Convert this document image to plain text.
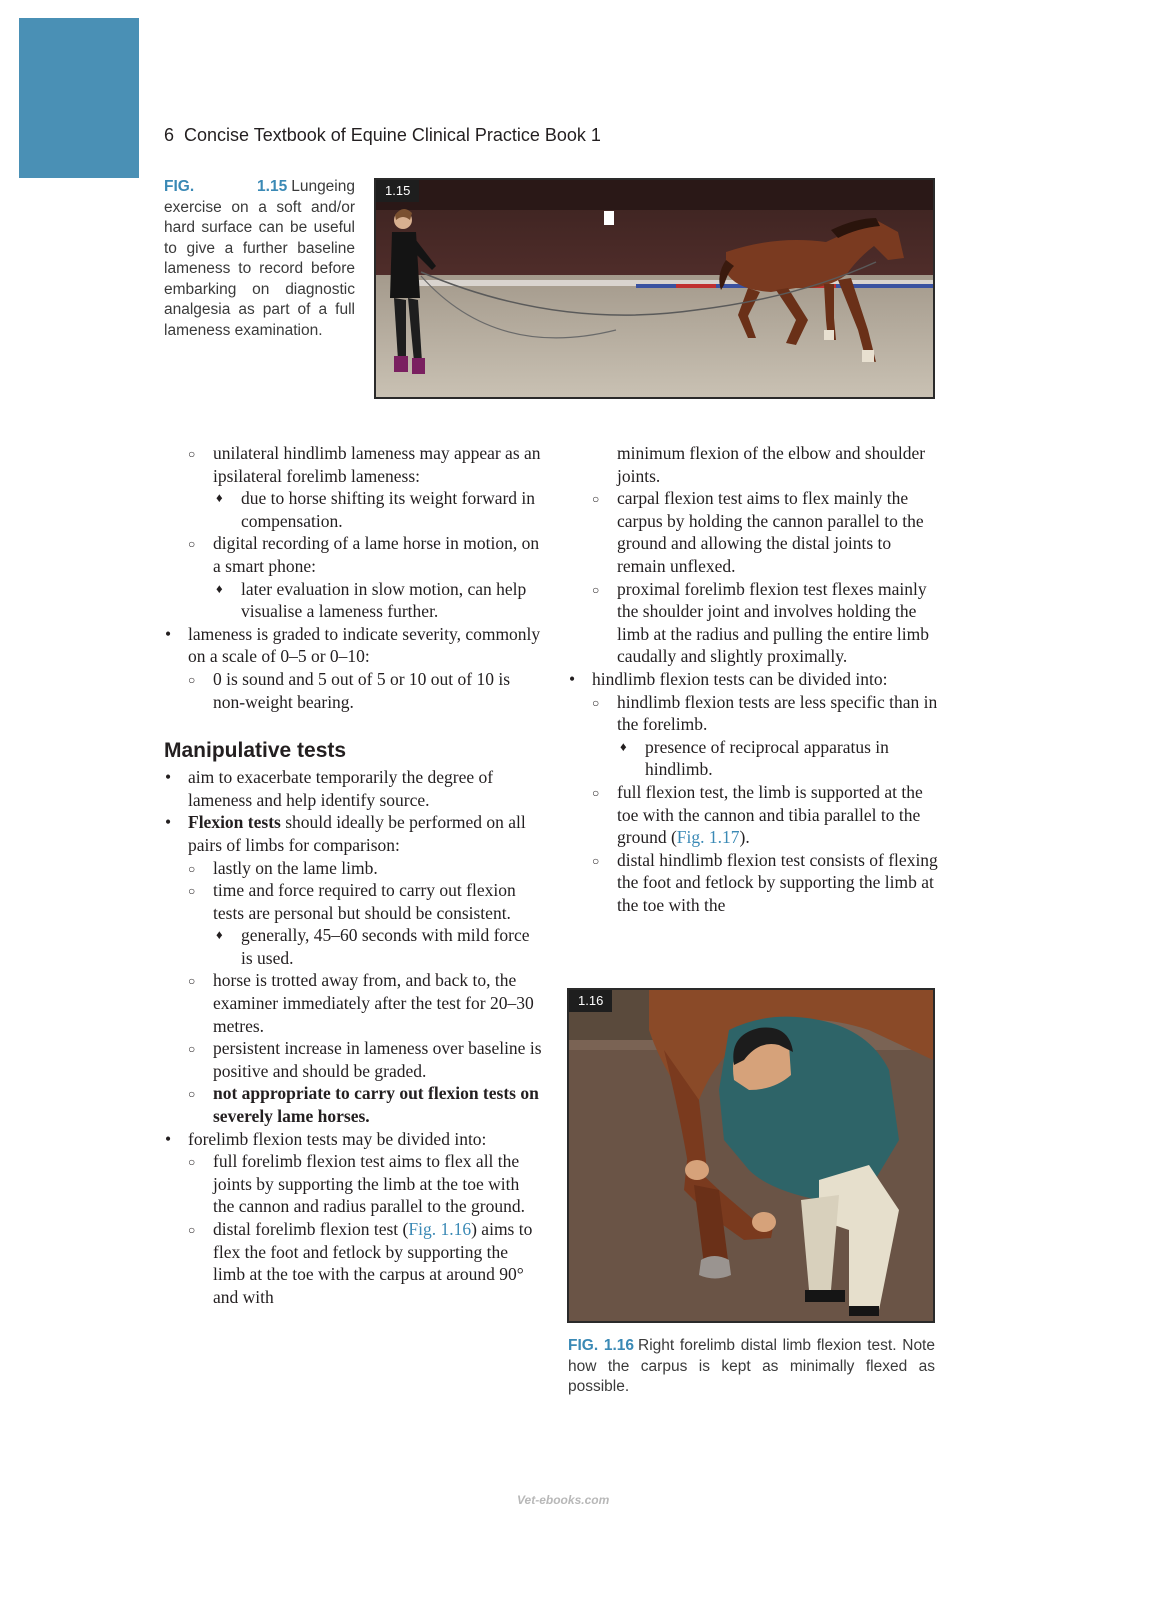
6 Concise Textbook of Equine Clinical Practice Book 1
FIG. 1.15 Lungeing exercise on a soft and/or hard surface can be useful to give a further baseline lameness to record before embarking on diagnostic analgesia as part of a full lameness examination.
1.15
1.16
FIG. 1.16 Right forelimb distal limb flexion test. Note how the carpus is kept as minimally flexed as possible.

○ unilateral hindlimb lameness may appear as an ipsilateral forelimb lameness:

♦ due to horse shifting its weight forward in compensation.

○ digital recording of a lame horse in motion, on a smart phone:

♦ later evaluation in slow motion, can help visualise a lameness further.

• lameness is graded to indicate severity, commonly on a scale of 0–5 or 0–10:

○ 0 is sound and 5 out of 5 or 10 out of 10 is non-weight bearing.

Manipulative tests

• aim to exacerbate temporarily the degree of lameness and help identify source.

• Flexion tests should ideally be performed on all pairs of limbs for comparison:

○ lastly on the lame limb.

○ time and force required to carry out flexion tests are personal but should be consistent.

♦ generally, 45–60 seconds with mild force is used.

○ horse is trotted away from, and back to, the examiner immediately after the test for 20–30 metres.

○ persistent increase in lameness over baseline is positive and should be graded.

○ not appropriate to carry out flexion tests on severely lame horses.

• forelimb flexion tests may be divided into:

○ full forelimb flexion test aims to flex all the joints by supporting the limb at the toe with the cannon and radius parallel to the ground.

○ distal forelimb flexion test (Fig. 1.16) aims to flex the foot and fetlock by supporting the limb at the toe with the carpus at around 90° and with

minimum flexion of the elbow and shoulder joints.

○ carpal flexion test aims to flex mainly the carpus by holding the cannon parallel to the ground and allowing the distal joints to remain unflexed.

○ proximal forelimb flexion test flexes mainly the shoulder joint and involves holding the limb at the radius and pulling the entire limb caudally and slightly proximally.

• hindlimb flexion tests can be divided into:

○ hindlimb flexion tests are less specific than in the forelimb.

♦ presence of reciprocal apparatus in hindlimb.

○ full flexion test, the limb is supported at the toe with the cannon and tibia parallel to the ground (Fig. 1.17).

○ distal hindlimb flexion test consists of flexing the foot and fetlock by supporting the limb at the toe with the

Vet-ebooks.com
